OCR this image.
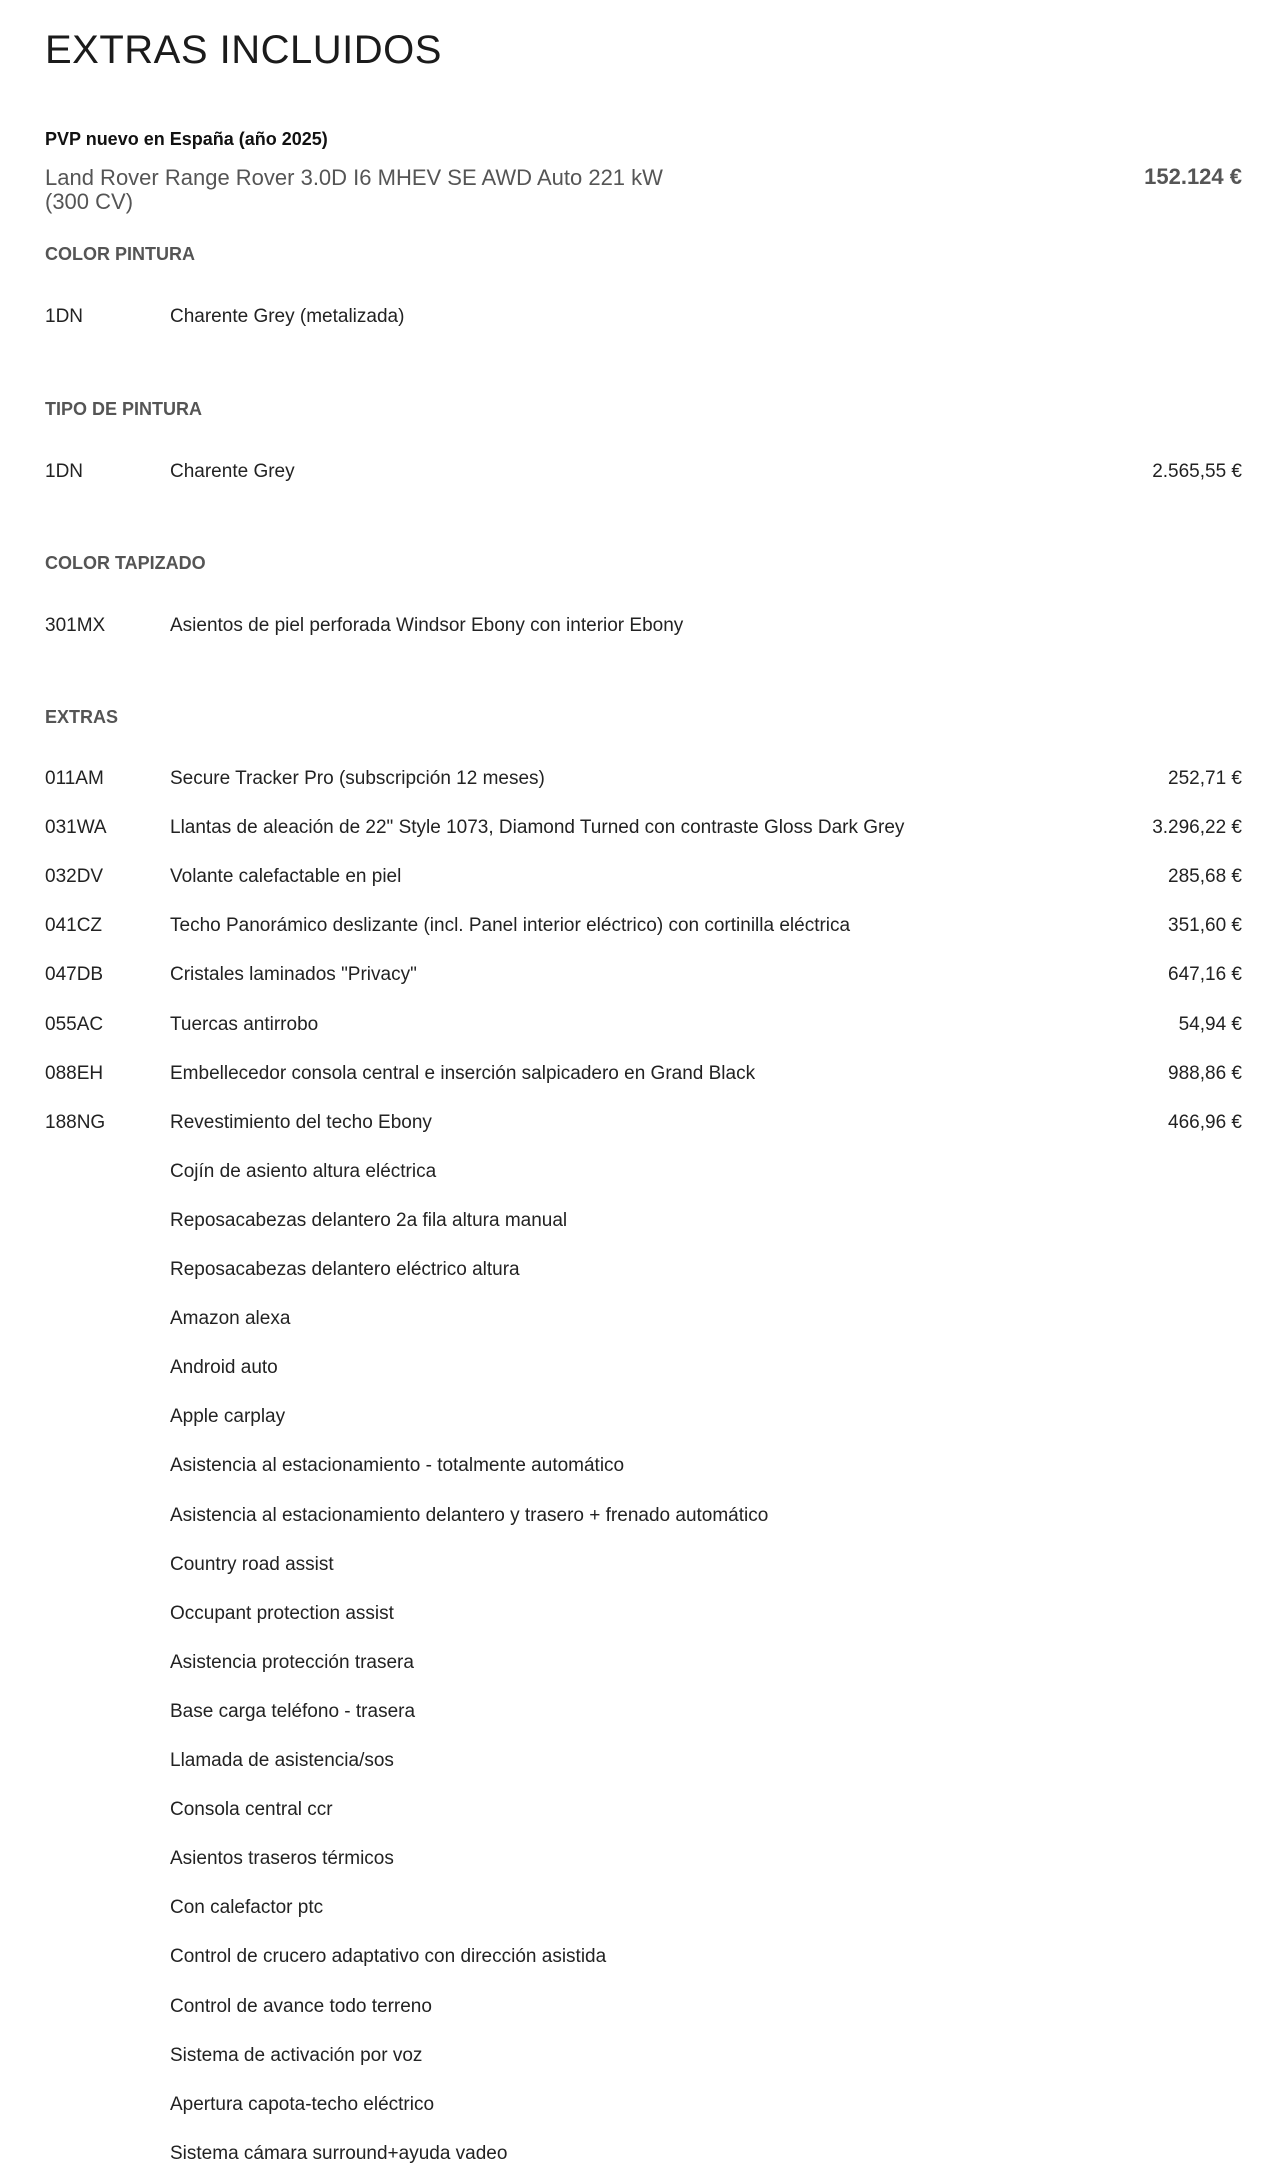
EXTRAS INCLUIDOS
PVP nuevo en España (año 2025)
Land Rover Range Rover 3.0D I6 MHEV SE AWD Auto 221 kW (300 CV)
152.124 €
COLOR PINTURA
1DN	Charente Grey (metalizada)
TIPO DE PINTURA
1DN	Charente Grey	2.565,55 €
COLOR TAPIZADO
301MX	Asientos de piel perforada Windsor Ebony con interior Ebony
EXTRAS
011AM	Secure Tracker Pro (subscripción 12 meses)	252,71 €
031WA	Llantas de aleación de 22" Style 1073, Diamond Turned con contraste Gloss Dark Grey	3.296,22 €
032DV	Volante calefactable en piel	285,68 €
041CZ	Techo Panorámico deslizante (incl. Panel interior eléctrico) con cortinilla eléctrica	351,60 €
047DB	Cristales laminados "Privacy"	647,16 €
055AC	Tuercas antirrobo	54,94 €
088EH	Embellecedor consola central e inserción salpicadero en Grand Black	988,86 €
188NG	Revestimiento del techo Ebony	466,96 €
Cojín de asiento altura eléctrica
Reposacabezas delantero 2a fila altura manual
Reposacabezas delantero eléctrico altura
Amazon alexa
Android auto
Apple carplay
Asistencia al estacionamiento - totalmente automático
Asistencia al estacionamiento delantero y trasero + frenado automático
Country road assist
Occupant protection assist
Asistencia protección trasera
Base carga teléfono - trasera
Llamada de asistencia/sos
Consola central ccr
Asientos traseros térmicos
Con calefactor ptc
Control de crucero adaptativo con dirección asistida
Control de avance todo terreno
Sistema de activación por voz
Apertura capota-techo eléctrico
Sistema cámara surround+ayuda vadeo
